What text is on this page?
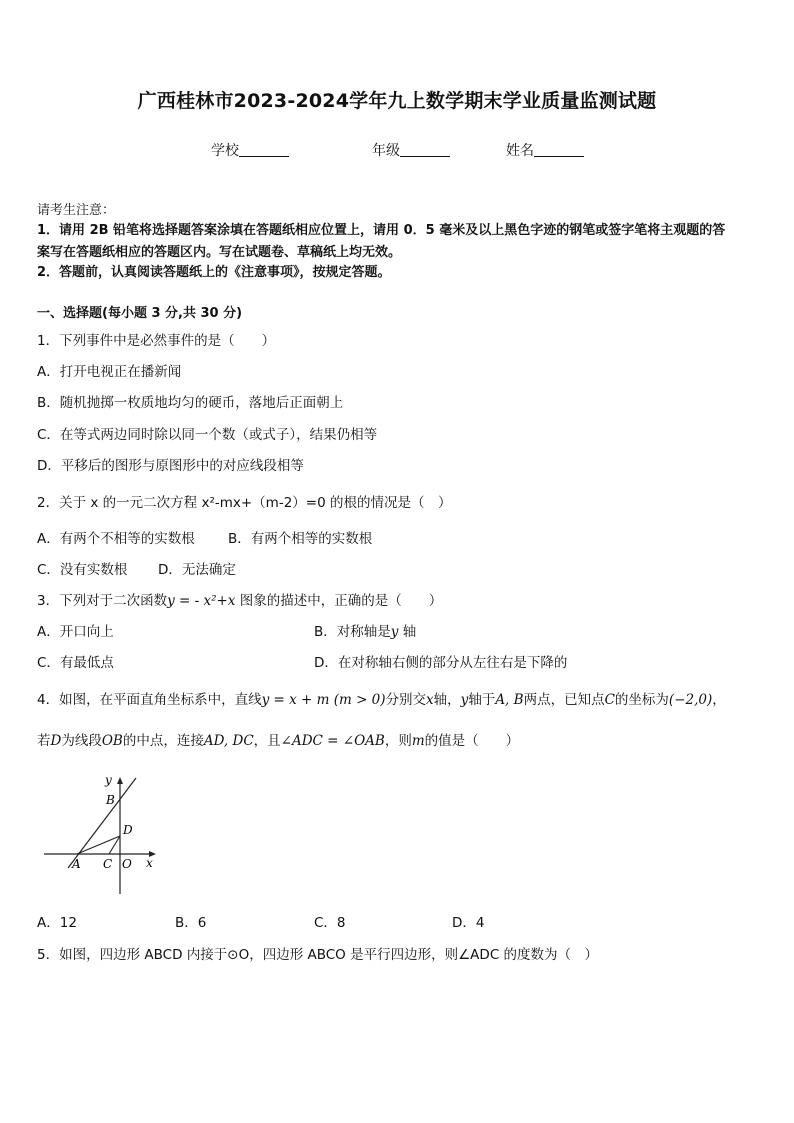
广西桂林市2023-2024学年九上数学期末学业质量监测试题
学校	年级	姓名
请考生注意：
1．请用 2B 铅笔将选择题答案涂填在答题纸相应位置上，请用 0．5 毫米及以上黑色字迹的钢笔或签字笔将主观题的答
案写在答题纸相应的答题区内。写在试题卷、草稿纸上均无效。
2．答题前，认真阅读答题纸上的《注意事项》，按规定答题。
一、选择题(每小题 3 分,共 30 分)
1．下列事件中是必然事件的是（　　）
A．打开电视正在播新闻
B．随机抛掷一枚质地均匀的硬币，落地后正面朝上
C．在等式两边同时除以同一个数（或式子），结果仍相等
D．平移后的图形与原图形中的对应线段相等
2．关于 x 的一元二次方程 x²-mx+（m-2）=0 的根的情况是（　）
A．有两个不相等的实数根 B．有两个相等的实数根
C．没有实数根 D．无法确定
3．下列对于二次函数y = - x²+x 图象的描述中，正确的是（　　）
A．开口向上	B．对称轴是y 轴
C．有最低点	D．在对称轴右侧的部分从左往右是下降的
4．如图，在平面直角坐标系中，直线y = x + m (m > 0)分别交x轴，y轴于A, B两点，已知点C的坐标为(−2,0)，
若D为线段OB的中点，连接AD, DC，且∠ADC = ∠OAB，则m的值是（　　）
y
x
B
D
A C O
A．12	B．6	C．8	D．4
5．如图，四边形 ABCD 内接于⊙O，四边形 ABCO 是平行四边形，则∠ADC 的度数为（　）
